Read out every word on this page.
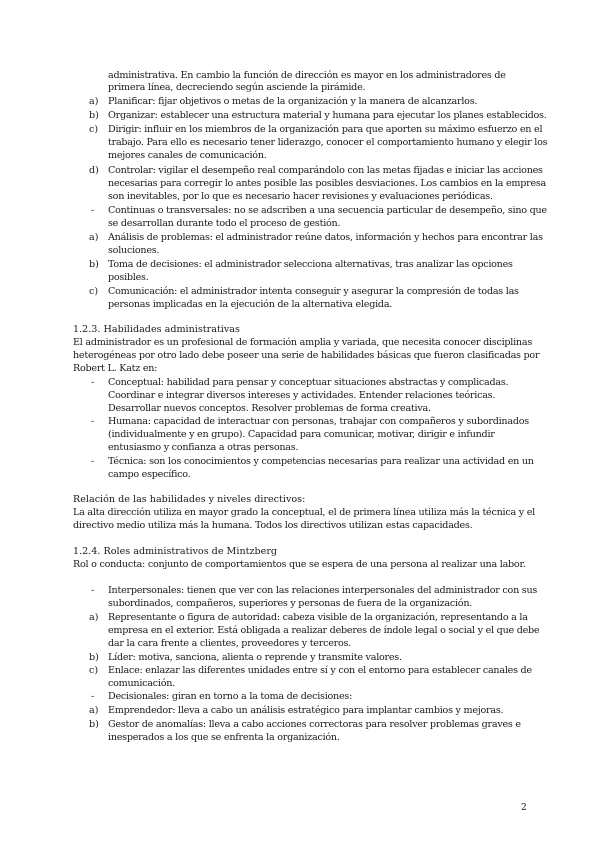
administrativa. En cambio la función de dirección es mayor en los administradores de
primera línea, decreciendo según asciende la pirámide.
a) Planificar: fijar objetivos o metas de la organización y la manera de alcanzarlos.
b) Organizar: establecer una estructura material y humana para ejecutar los planes establecidos.
c) Dirigir: influir en los miembros de la organización para que aporten su máximo esfuerzo en el
trabajo. Para ello es necesario tener liderazgo, conocer el comportamiento humano y elegir los
mejores canales de comunicación.
d) Controlar: vigilar el desempeño real comparándolo con las metas fijadas e iniciar las acciones
necesarias para corregir lo antes posible las posibles desviaciones. Los cambios en la empresa
son inevitables, por lo que es necesario hacer revisiones y evaluaciones periódicas.
- Continuas o transversales: no se adscriben a una secuencia particular de desempeño, sino que
se desarrollan durante todo el proceso de gestión.
a) Análisis de problemas: el administrador reúne datos, información y hechos para encontrar las
soluciones.
b) Toma de decisiones: el administrador selecciona alternativas, tras analizar las opciones
posibles.
c) Comunicación: el administrador intenta conseguir y asegurar la compresión de todas las
personas implicadas en la ejecución de la alternativa elegida.
1.2.3. Habilidades administrativas
El administrador es un profesional de formación amplia y variada, que necesita conocer disciplinas
heterogéneas por otro lado debe poseer una serie de habilidades básicas que fueron clasificadas por
Robert L. Katz en:
- Conceptual: habilidad para pensar y conceptuar situaciones abstractas y complicadas.
Coordinar e integrar diversos intereses y actividades. Entender relaciones teóricas.
Desarrollar nuevos conceptos. Resolver problemas de forma creativa.
- Humana: capacidad de interactuar con personas, trabajar con compañeros y subordinados
(individualmente y en grupo). Capacidad para comunicar, motivar, dirigir e infundir
entusiasmo y confianza a otras personas.
- Técnica: son los conocimientos y competencias necesarias para realizar una actividad en un
campo específico.
Relación de las habilidades y niveles directivos:
La alta dirección utiliza en mayor grado la conceptual, el de primera línea utiliza más la técnica y el
directivo medio utiliza más la humana. Todos los directivos utilizan estas capacidades.
1.2.4. Roles administrativos de Mintzberg
Rol o conducta: conjunto de comportamientos que se espera de una persona al realizar una labor.
- Interpersonales: tienen que ver con las relaciones interpersonales del administrador con sus
subordinados, compañeros, superiores y personas de fuera de la organización.
a) Representante o figura de autoridad: cabeza visible de la organización, representando a la
empresa en el exterior. Está obligada a realizar deberes de índole legal o social y el que debe
dar la cara frente a clientes, proveedores y terceros.
b) Líder: motiva, sanciona, alienta o reprende y transmite valores.
c) Enlace: enlazar las diferentes unidades entre sí y con el entorno para establecer canales de
comunicación.
- Decisionales: giran en torno a la toma de decisiones:
a) Emprendedor: lleva a cabo un análisis estratégico para implantar cambios y mejoras.
b) Gestor de anomalías: lleva a cabo acciones correctoras para resolver problemas graves e
inesperados a los que se enfrenta la organización.
2
